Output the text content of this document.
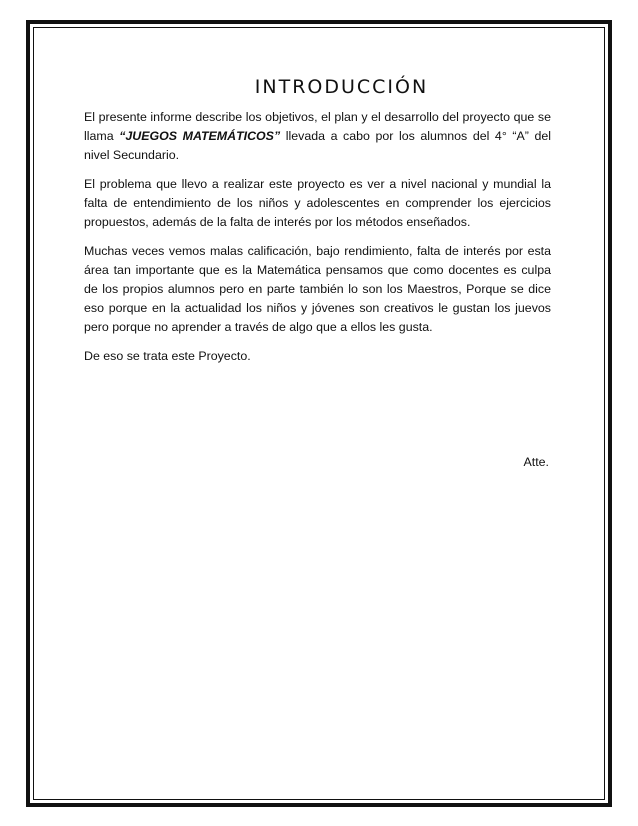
INTRODUCCIÓN

El presente informe describe los objetivos, el plan y el desarrollo del proyecto que se llama “JUEGOS MATEMÁTICOS” llevada a cabo por los alumnos del 4° “A” del nivel Secundario.

El problema que llevo a realizar este proyecto es ver a nivel nacional y mundial la falta de entendimiento de los niños y adolescentes en comprender los ejercicios propuestos, además de la falta de interés por los métodos enseñados.

Muchas veces vemos malas calificación, bajo rendimiento, falta de interés por esta área tan importante que es la Matemática pensamos que como docentes es culpa de los propios alumnos pero en parte también lo son los Maestros, Porque se dice eso porque en la actualidad los niños y jóvenes son creativos le gustan los juevos pero porque no aprender a través de algo que a ellos les gusta.

De eso se trata este Proyecto.

Atte.
